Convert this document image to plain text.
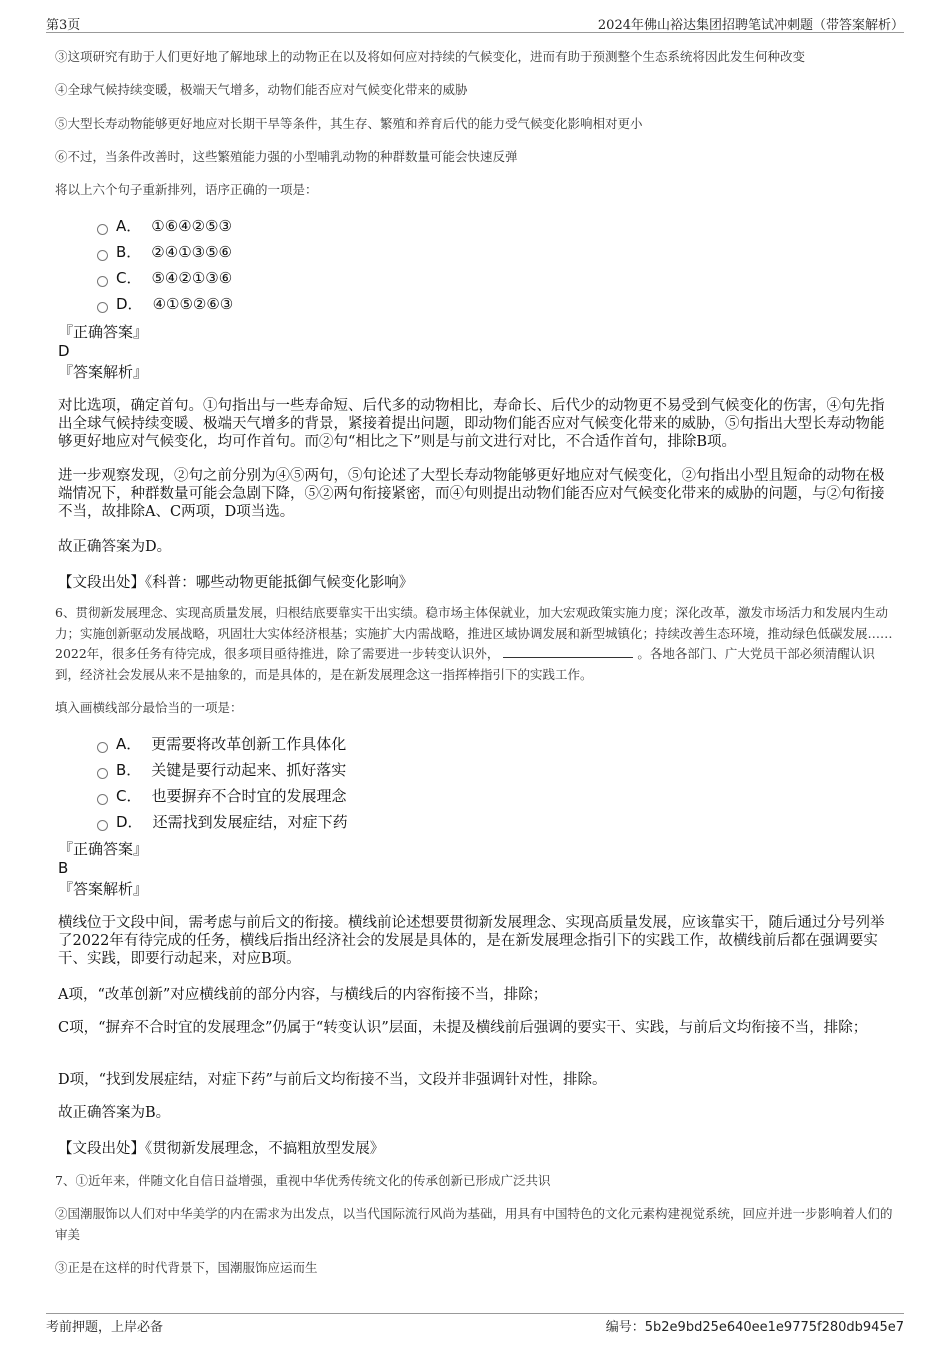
第3页	2024年佛山裕达集团招聘笔试冲刺题（带答案解析）
③这项研究有助于人们更好地了解地球上的动物正在以及将如何应对持续的气候变化，进而有助于预测整个生态系统将因此发生何种改变
④全球气候持续变暖，极端天气增多，动物们能否应对气候变化带来的威胁
⑤大型长寿动物能够更好地应对长期干旱等条件，其生存、繁殖和养育后代的能力受气候变化影响相对更小
⑥不过，当条件改善时，这些繁殖能力强的小型哺乳动物的种群数量可能会快速反弹
将以上六个句子重新排列，语序正确的一项是：
A． ①⑥④②⑤③
B． ②④①③⑤⑥
C． ⑤④②①③⑥
D． ④①⑤②⑥③
『正确答案』
D
『答案解析』
对比选项，确定首句。①句指出与一些寿命短、后代多的动物相比，寿命长、后代少的动物更不易受到气候变化的伤害，④句先指出全球气候持续变暖、极端天气增多的背景，紧接着提出问题，即动物们能否应对气候变化带来的威胁，⑤句指出大型长寿动物能够更好地应对气候变化，均可作首句。而②句“相比之下”则是与前文进行对比，不合适作首句，排除B项。
进一步观察发现，②句之前分别为④⑤两句，⑤句论述了大型长寿动物能够更好地应对气候变化，②句指出小型且短命的动物在极端情况下，种群数量可能会急剧下降，⑤②两句衔接紧密，而④句则提出动物们能否应对气候变化带来的威胁的问题，与②句衔接不当，故排除A、C两项，D项当选。
故正确答案为D。
【文段出处】《科普：哪些动物更能抵御气候变化影响》
6、贯彻新发展理念、实现高质量发展，归根结底要靠实干出实绩。稳市场主体保就业，加大宏观政策实施力度；深化改革，激发市场活力和发展内生动力；实施创新驱动发展战略，巩固壮大实体经济根基；实施扩大内需战略，推进区域协调发展和新型城镇化；持续改善生态环境，推动绿色低碳发展……2022年，很多任务有待完成，很多项目亟待推进，除了需要进一步转变认识外，	。各地各部门、广大党员干部必须清醒认识到，经济社会发展从来不是抽象的，而是具体的，是在新发展理念这一指挥棒指引下的实践工作。
填入画横线部分最恰当的一项是：
A． 更需要将改革创新工作具体化
B． 关键是要行动起来、抓好落实
C． 也要摒弃不合时宜的发展理念
D． 还需找到发展症结，对症下药
『正确答案』
B
『答案解析』
横线位于文段中间，需考虑与前后文的衔接。横线前论述想要贯彻新发展理念、实现高质量发展，应该靠实干，随后通过分号列举了2022年有待完成的任务，横线后指出经济社会的发展是具体的，是在新发展理念指引下的实践工作，故横线前后都在强调要实干、实践，即要行动起来，对应B项。
A项，“改革创新”对应横线前的部分内容，与横线后的内容衔接不当，排除；
C项，“摒弃不合时宜的发展理念”仍属于“转变认识”层面，未提及横线前后强调的要实干、实践，与前后文均衔接不当，排除；
D项，“找到发展症结，对症下药”与前后文均衔接不当，文段并非强调针对性，排除。
故正确答案为B。
【文段出处】《贯彻新发展理念，不搞粗放型发展》
7、①近年来，伴随文化自信日益增强，重视中华优秀传统文化的传承创新已形成广泛共识
②国潮服饰以人们对中华美学的内在需求为出发点，以当代国际流行风尚为基础，用具有中国特色的文化元素构建视觉系统，回应并进一步影响着人们的审美
③正是在这样的时代背景下，国潮服饰应运而生
考前押题，上岸必备	编号：5b2e9bd25e640ee1e9775f280db945e7
